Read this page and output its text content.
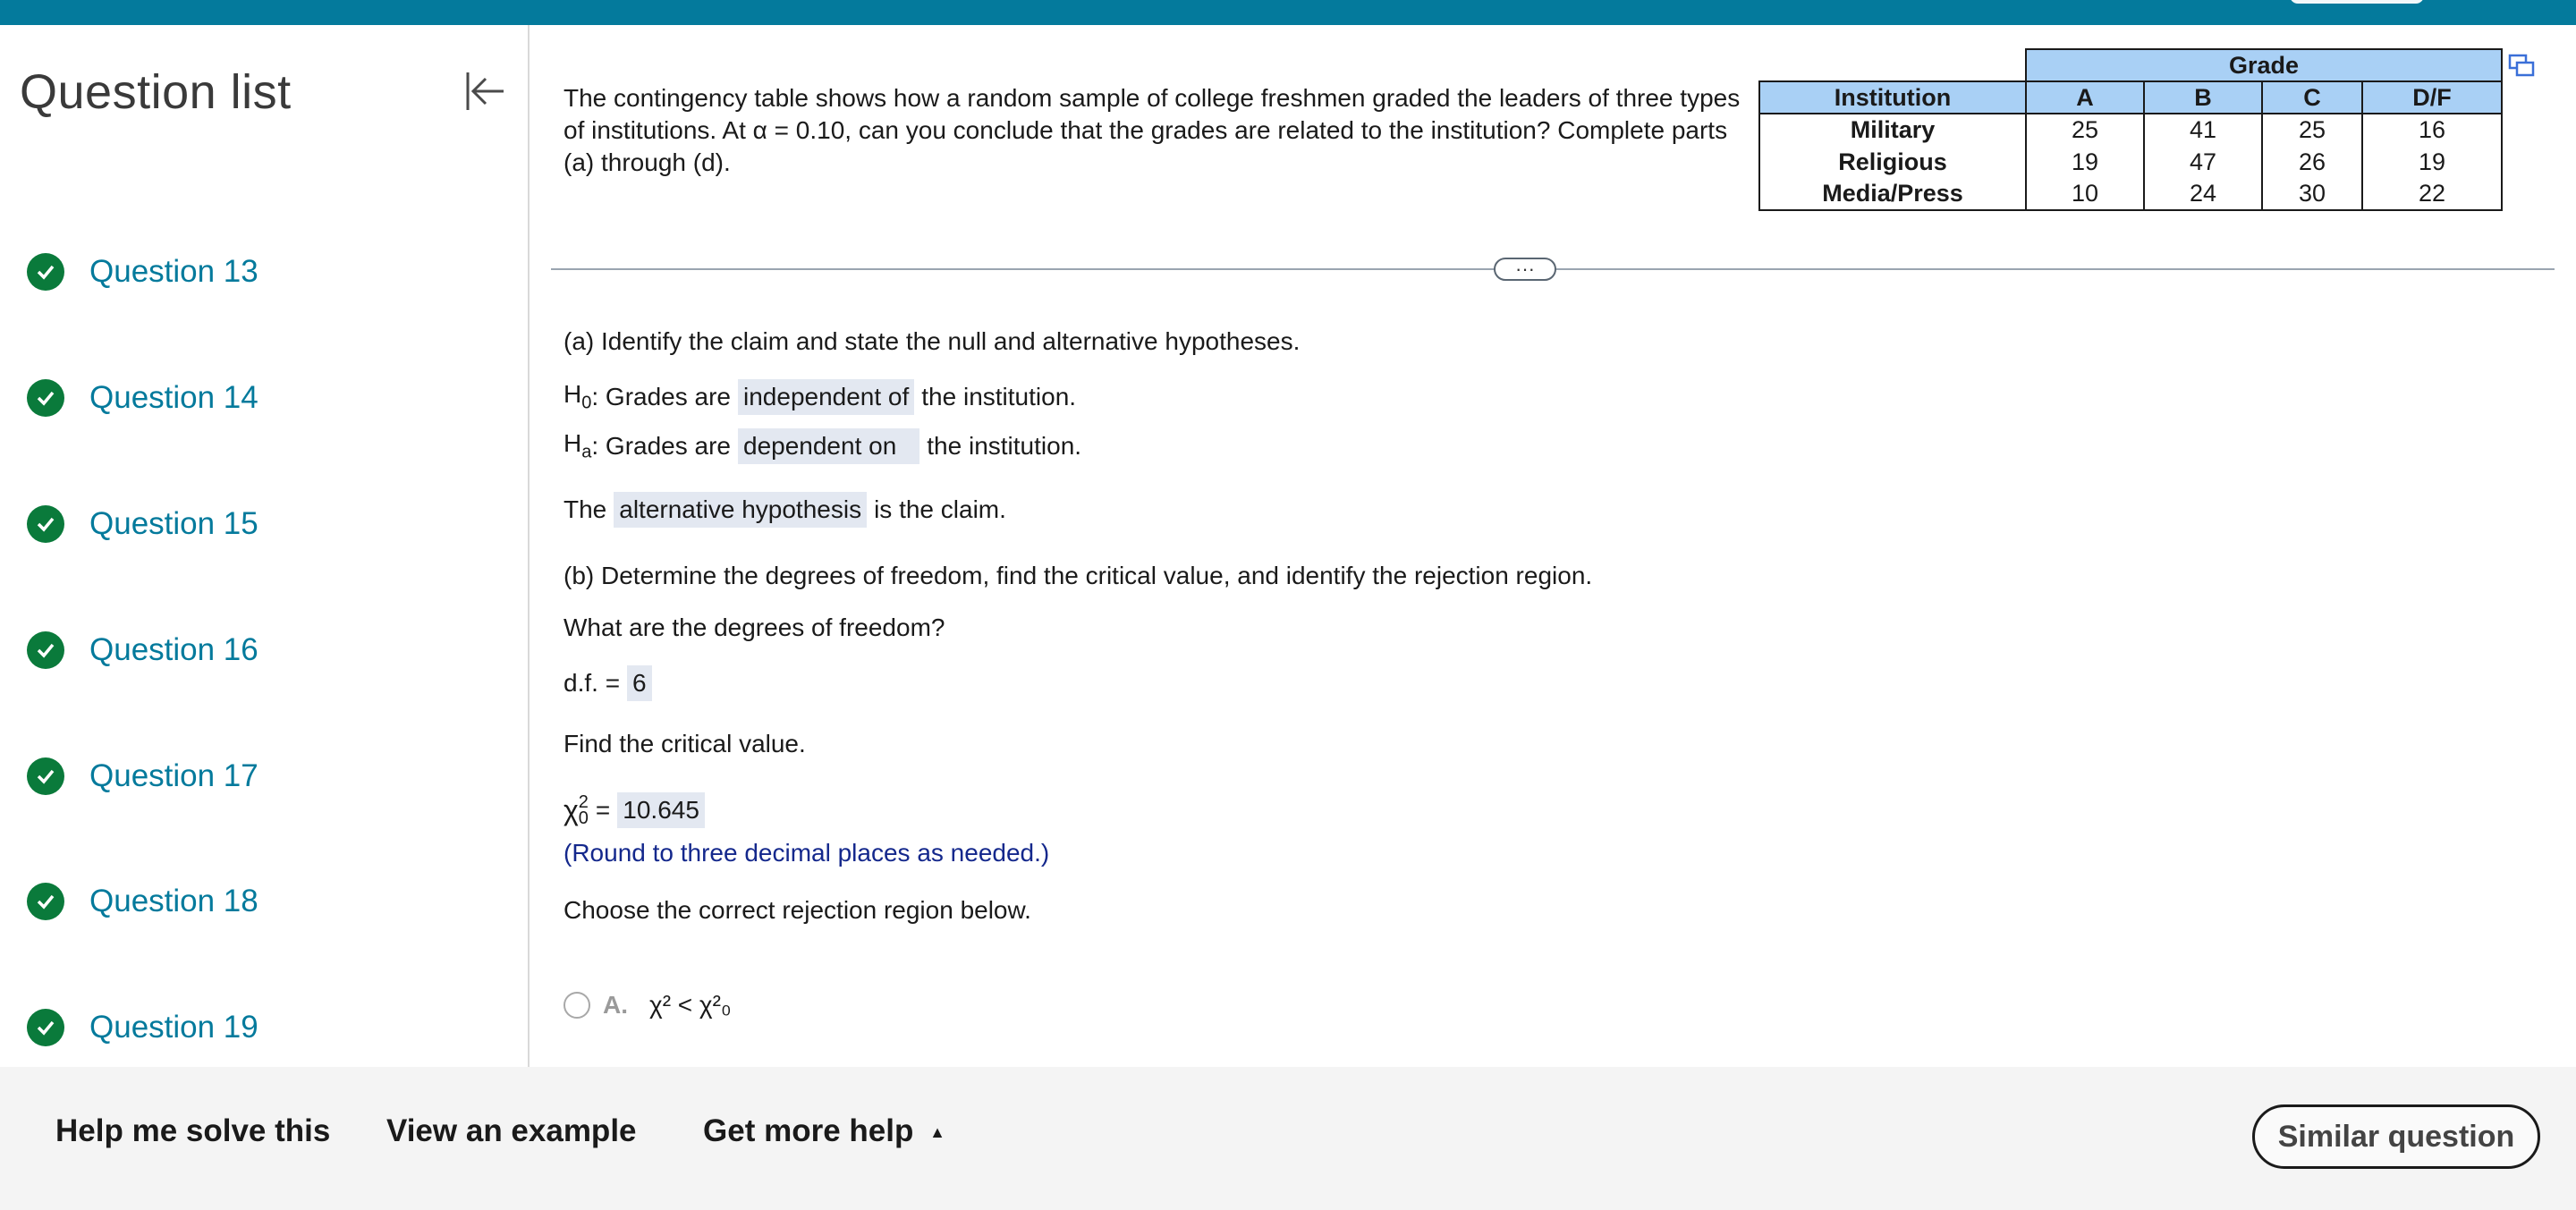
Question list
Question 13
Question 14
Question 15
Question 16
Question 17
Question 18
Question 19
The contingency table shows how a random sample of college freshmen graded the leaders of three types of institutions. At α = 0.10, can you conclude that the grades are related to the institution? Complete parts (a) through (d).
	Grade			
Institution	A	B	C	D/F
Military	25	41	25	16
Religious	19	47	26	19
Media/Press	10	24	30	22
···
(a) Identify the claim and state the null and alternative hypotheses.
$H_0$ : Grades are independent of the institution.
$H_a$ : Grades are dependent on	the institution.
The alternative hypothesis is the claim.
(b) Determine the degrees of freedom, find the critical value, and identify the rejection region.
What are the degrees of freedom?
d.f. = 6
Find the critical value.
χ 2
0 = 10.645
(Round to three decimal places as needed.)
Choose the correct rejection region below.
A. χ² < χ²₀
Help me solve this View an example Get more help ▲	Similar question
